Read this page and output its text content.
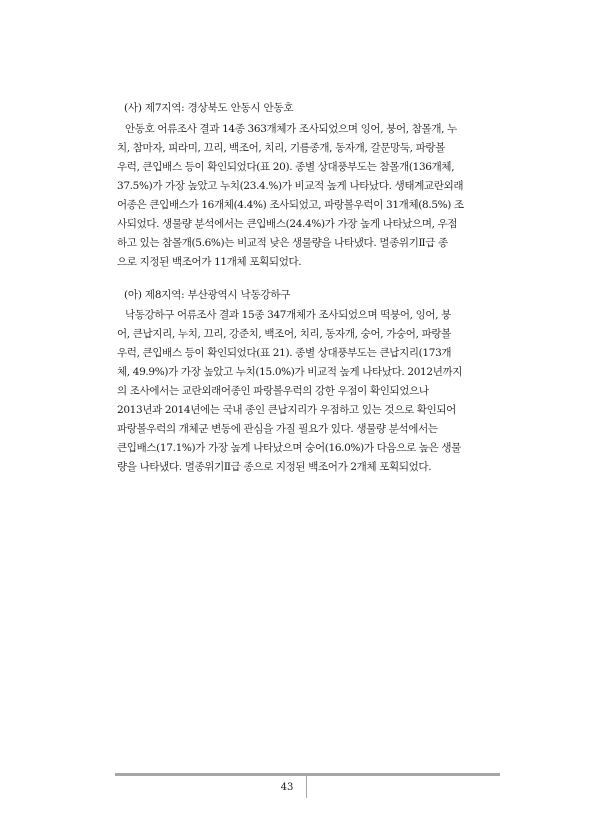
(사) 제7지역: 경상북도 안동시 안동호
안동호 어류조사 결과 14종 363개체가 조사되었으며 잉어, 붕어, 참몰개, 누
치, 참마자, 피라미, 끄리, 백조어, 치리, 기름종개, 동자개, 갈문망둑, 파랑볼
우럭, 큰입배스 등이 확인되었다(표 20). 종별 상대풍부도는 참몰개(136개체,
37.5%)가 가장 높았고 누치(23.4.%)가 비교적 높게 나타났다. 생태계교란외래
어종은 큰입배스가 16개체(4.4%) 조사되었고, 파랑볼우럭이 31개체(8.5%) 조
사되었다. 생물량 분석에서는 큰입배스(24.4%)가 가장 높게 나타났으며, 우점
하고 있는 참몰개(5.6%)는 비교적 낮은 생물량을 나타냈다. 멸종위기Ⅱ급 종
으로 지정된 백조어가 11개체 포획되었다.
(아) 제8지역: 부산광역시 낙동강하구
낙동강하구 어류조사 결과 15종 347개체가 조사되었으며 떡붕어, 잉어, 붕
어, 큰납지리, 누치, 끄리, 강준치, 백조어, 치리, 동자개, 숭어, 가숭어, 파랑볼
우럭, 큰입배스 등이 확인되었다(표 21). 종별 상대풍부도는 큰납지리(173개
체, 49.9%)가 가장 높았고 누치(15.0%)가 비교적 높게 나타났다. 2012년까지
의 조사에서는 교란외래어종인 파랑볼우럭의 강한 우점이 확인되었으나
2013년과 2014년에는 국내 종인 큰납지리가 우점하고 있는 것으로 확인되어
파랑볼우럭의 개체군 변동에 관심을 가질 필요가 있다. 생물량 분석에서는
큰입배스(17.1%)가 가장 높게 나타났으며 숭어(16.0%)가 다음으로 높은 생물
량을 나타냈다. 멸종위기Ⅱ급 종으로 지정된 백조어가 2개체 포획되었다.
43
